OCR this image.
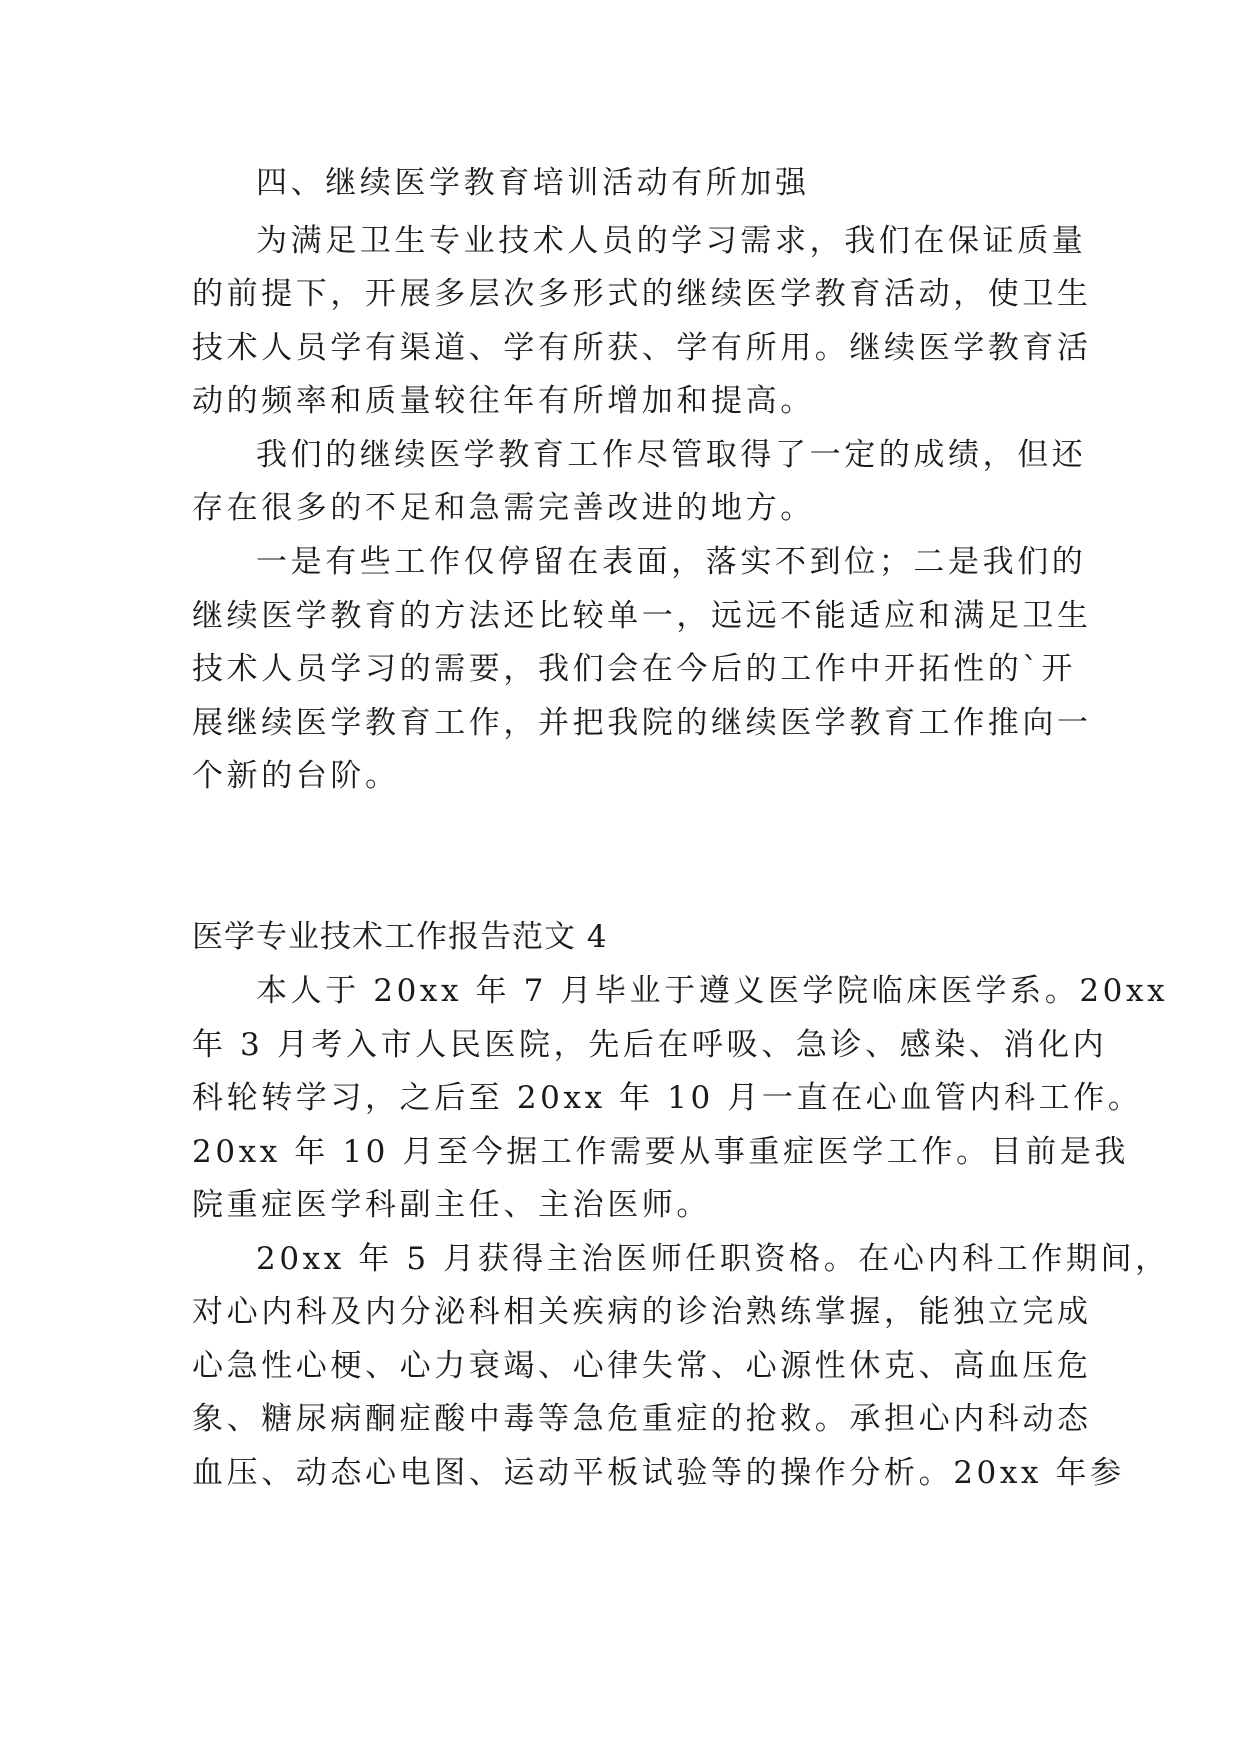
四、继续医学教育培训活动有所加强
为满足卫生专业技术人员的学习需求，我们在保证质量
的前提下，开展多层次多形式的继续医学教育活动，使卫生
技术人员学有渠道、学有所获、学有所用。继续医学教育活
动的频率和质量较往年有所增加和提高。
我们的继续医学教育工作尽管取得了一定的成绩，但还
存在很多的不足和急需完善改进的地方。
一是有些工作仅停留在表面，落实不到位；二是我们的
继续医学教育的方法还比较单一，远远不能适应和满足卫生
技术人员学习的需要，我们会在今后的工作中开拓性的`开
展继续医学教育工作，并把我院的继续医学教育工作推向一
个新的台阶。
医学专业技术工作报告范文 4
本人于 20xx 年 7 月毕业于遵义医学院临床医学系。20xx
年 3 月考入市人民医院，先后在呼吸、急诊、感染、消化内
科轮转学习，之后至 20xx 年 10 月一直在心血管内科工作。
20xx 年 10 月至今据工作需要从事重症医学工作。目前是我
院重症医学科副主任、主治医师。
20xx 年 5 月获得主治医师任职资格。在心内科工作期间，
对心内科及内分泌科相关疾病的诊治熟练掌握，能独立完成
心急性心梗、心力衰竭、心律失常、心源性休克、高血压危
象、糖尿病酮症酸中毒等急危重症的抢救。承担心内科动态
血压、动态心电图、运动平板试验等的操作分析。20xx 年参
